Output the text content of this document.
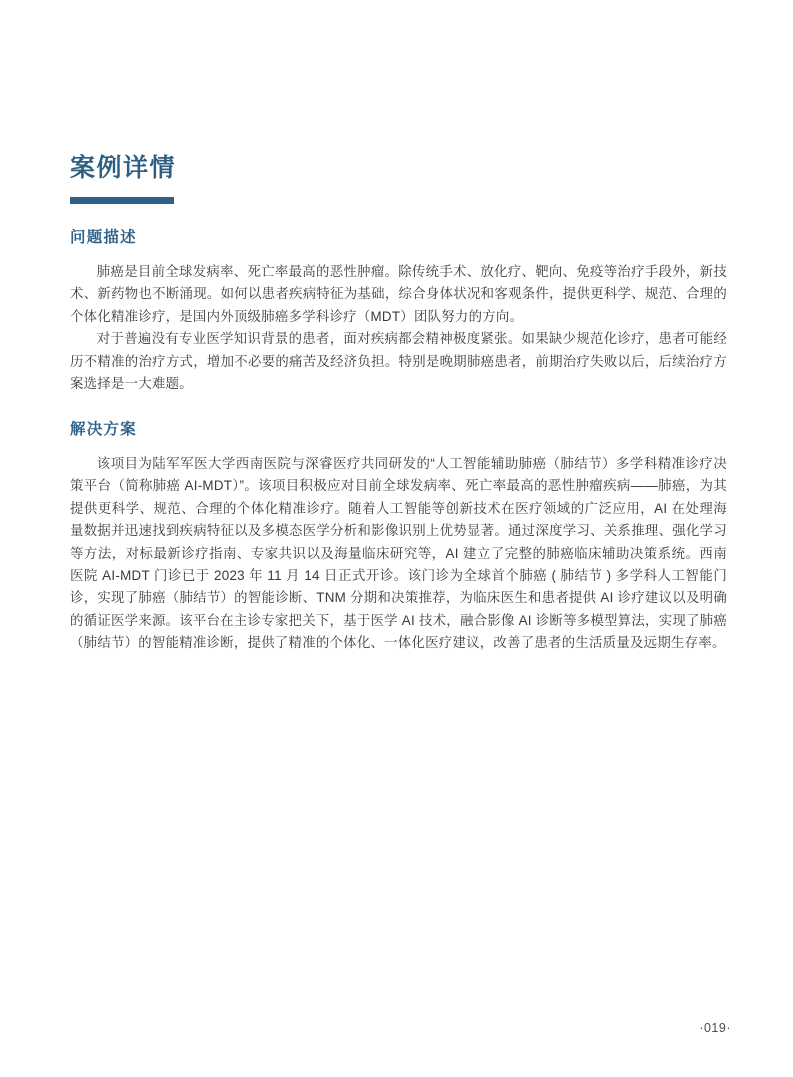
案例详情
问题描述

肺癌是目前全球发病率、死亡率最高的恶性肿瘤。除传统手术、放化疗、靶向、免疫等治疗手段外，新技术、新药物也不断涌现。如何以患者疾病特征为基础，综合身体状况和客观条件，提供更科学、规范、合理的个体化精准诊疗，是国内外顶级肺癌多学科诊疗（MDT）团队努力的方向。

对于普遍没有专业医学知识背景的患者，面对疾病都会精神极度紧张。如果缺少规范化诊疗，患者可能经历不精准的治疗方式，增加不必要的痛苦及经济负担。特别是晚期肺癌患者，前期治疗失败以后，后续治疗方案选择是一大难题。

解决方案

该项目为陆军军医大学西南医院与深睿医疗共同研发的“人工智能辅助肺癌（肺结节）多学科精准诊疗决策平台（简称肺癌 AI-MDT）”。该项目积极应对目前全球发病率、死亡率最高的恶性肿瘤疾病——肺癌，为其提供更科学、规范、合理的个体化精准诊疗。随着人工智能等创新技术在医疗领域的广泛应用，AI 在处理海量数据并迅速找到疾病特征以及多模态医学分析和影像识别上优势显著。通过深度学习、关系推理、强化学习等方法，对标最新诊疗指南、专家共识以及海量临床研究等，AI 建立了完整的肺癌临床辅助决策系统。西南医院 AI-MDT 门诊已于 2023 年 11 月 14 日正式开诊。该门诊为全球首个肺癌 ( 肺结节 ) 多学科人工智能门诊，实现了肺癌（肺结节）的智能诊断、TNM 分期和决策推荐，为临床医生和患者提供 AI 诊疗建议以及明确的循证医学来源。该平台在主诊专家把关下，基于医学 AI 技术，融合影像 AI 诊断等多模型算法，实现了肺癌（肺结节）的智能精准诊断，提供了精准的个体化、一体化医疗建议，改善了患者的生活质量及远期生存率。

·019·
